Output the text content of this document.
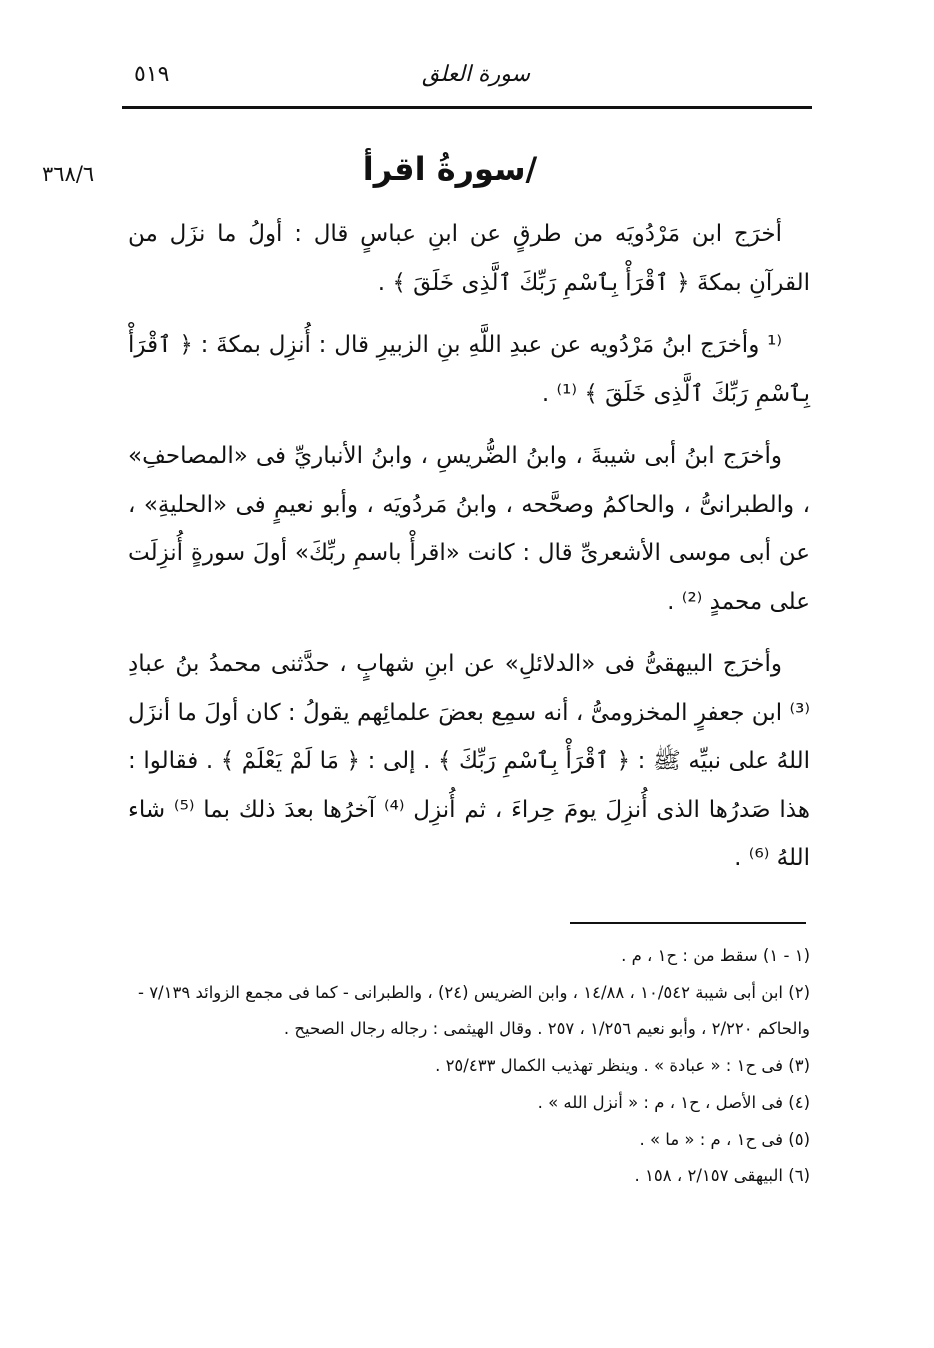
٥١٩	سورة العلق
٣٦٨/٦	/سورةُ اقرأ

أخرَج ابن مَرْدُويَه من طرقٍ عن ابنِ عباسٍ قال : أولُ ما نزَل من القرآنِ بمكةَ ﴿ ٱقْرَأْ بِٱسْمِ رَبِّكَ ٱلَّذِى خَلَقَ ﴾ .

⁽¹ وأخرَج ابنُ مَرْدُويه عن عبدِ اللَّهِ بنِ الزبيرِ قال : أُنزِل بمكةَ : ﴿ ٱقْرَأْ بِٱسْمِ رَبِّكَ ٱلَّذِى خَلَقَ ﴾ ⁽¹⁾ .

وأخرَج ابنُ أبى شيبةَ ، وابنُ الضُّريسِ ، وابنُ الأنباريِّ فى «المصاحفِ» ، والطبرانىُّ ، والحاكمُ وصحَّحه ، وابنُ مَردُويَه ، وأبو نعيمٍ فى «الحليةِ» ، عن أبى موسى الأشعرىِّ قال : كانت «اقرأْ باسمِ ربِّكَ» أولَ سورةٍ أُنزِلَت على محمدٍ ⁽²⁾ .

وأخرَج البيهقىُّ فى «الدلائلِ» عن ابنِ شهابٍ ، حدَّثنى محمدُ بنُ عبادِ ⁽³⁾ ابن جعفرٍ المخزومىُّ ، أنه سمِع بعضَ علمائِهم يقولُ : كان أولَ ما أنزَل اللهُ على نبيِّه ﷺ : ﴿ ٱقْرَأْ بِٱسْمِ رَبِّكَ ﴾ . إلى : ﴿ مَا لَمْ يَعْلَمْ ﴾ . فقالوا : هذا صَدرُها الذى أُنزِلَ يومَ حِراءَ ، ثم أُنزِل ⁽⁴⁾ آخرُها بعدَ ذلك بما ⁽⁵⁾ شاء اللهُ ⁽⁶⁾ .

(١ - ١) سقط من : ح١ ، م .

(٢) ابن أبى شيبة ١٠/٥٤٢ ، ١٤/٨٨ ، وابن الضريس (٢٤) ، والطبرانى - كما فى مجمع الزوائد ٧/١٣٩ - والحاكم ٢/٢٢٠ ، وأبو نعيم ١/٢٥٦ ، ٢٥٧ . وقال الهيثمى : رجاله رجال الصحيح .

(٣) فى ح١ : « عبادة » . وينظر تهذيب الكمال ٢٥/٤٣٣ .

(٤) فى الأصل ، ح١ ، م : « أنزل الله » .

(٥) فى ح١ ، م : « ما » .

(٦) البيهقى ٢/١٥٧ ، ١٥٨ .
